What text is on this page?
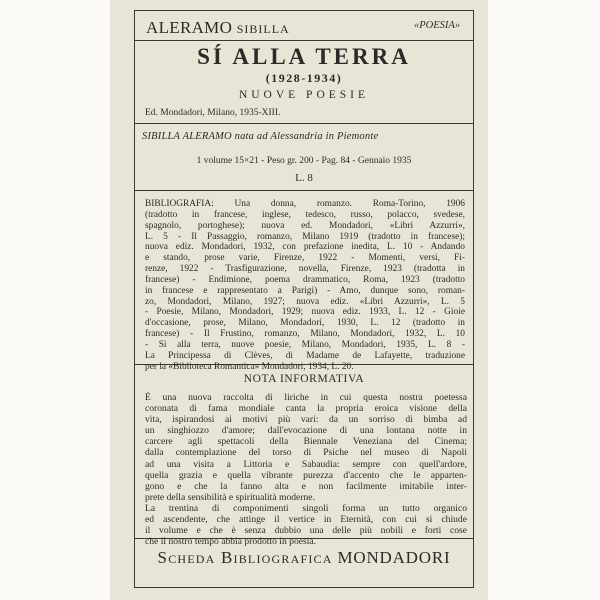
ALERAMO SIBILLA	«POESIA»
SÍ ALLA TERRA
(1928-1934)
NUOVE POESIE
Ed. Mondadori, Milano, 1935-XIII.
SIBILLA ALERAMO nata ad Alessandria in Piemonte
1 volume 15×21 - Peso gr. 200 - Pag. 84 - Gennaio 1935
L. 8
BIBLIOGRAFIA: Una donna, romanzo. Roma-Torino, 1906
(tradotto in francese, inglese, tedesco, russo, polacco, svedese,
spagnolo, portoghese); nuova ed. Mondadori, «Libri Azzurri»,
L. 5 - Il Passaggio, romanzo, Milano 1919 (tradotto in francese);
nuova ediz. Mondadori, 1932, con prefazione inedita, L. 10 - Andando
e stando, prose varie, Firenze, 1922 - Momenti, versi, Fi-
renze, 1922 - Trasfigurazione, novella, Firenze, 1923 (tradotta in
francese) - Endimione, poema drammatico, Roma, 1923 (tradotto
in francese e rappresentato a Parigi) - Amo, dunque sono, roman-
zo, Mondadori, Milano, 1927; nuova ediz. «Libri Azzurri», L. 5
- Poesie, Milano, Mondadori, 1929; nuova ediz. 1933, L. 12 - Gioie
d'occasione, prose, Milano, Mondadori, 1930, L. 12 (tradotto in
francese) - Il Frustino, romanzo, Milano, Mondadori, 1932, L. 10
- Sì alla terra, nuove poesie, Milano, Mondadori, 1935, L. 8 -
La Principessa di Clèves, di Madame de Lafayette, traduzione
per la «Biblioteca Romantica» Mondadori, 1934, L. 20.
NOTA INFORMATIVA
È una nuova raccolta di liriche in cui questa nostra poetessa
coronata di fama mondiale canta la propria eroica visione della
vita, ispirandosi ai motivi più vari: da un sorriso di bimba ad
un singhiozzo d'amore; dall'evocazione di una lontana notte in
carcere agli spettacoli della Biennale Veneziana del Cinema;
dalla contemplazione del torso di Psiche nel museo di Napoli
ad una visita a Littoria e Sabaudia: sempre con quell'ardore,
quella grazia e quella vibrante purezza d'accento che le apparten-
gono e che la fanno alta e non facilmente imitabile inter-
prete della sensibilità e spiritualità moderne.
La trentina di componimenti singoli forma un tutto organico
ed ascendente, che attinge il vertice in Eternità, con cui si chiude
il volume e che è senza dubbio una delle più nobili e forti cose
che il nostro tempo abbia prodotto in poesia.
Scheda Bibliografica MONDADORI
